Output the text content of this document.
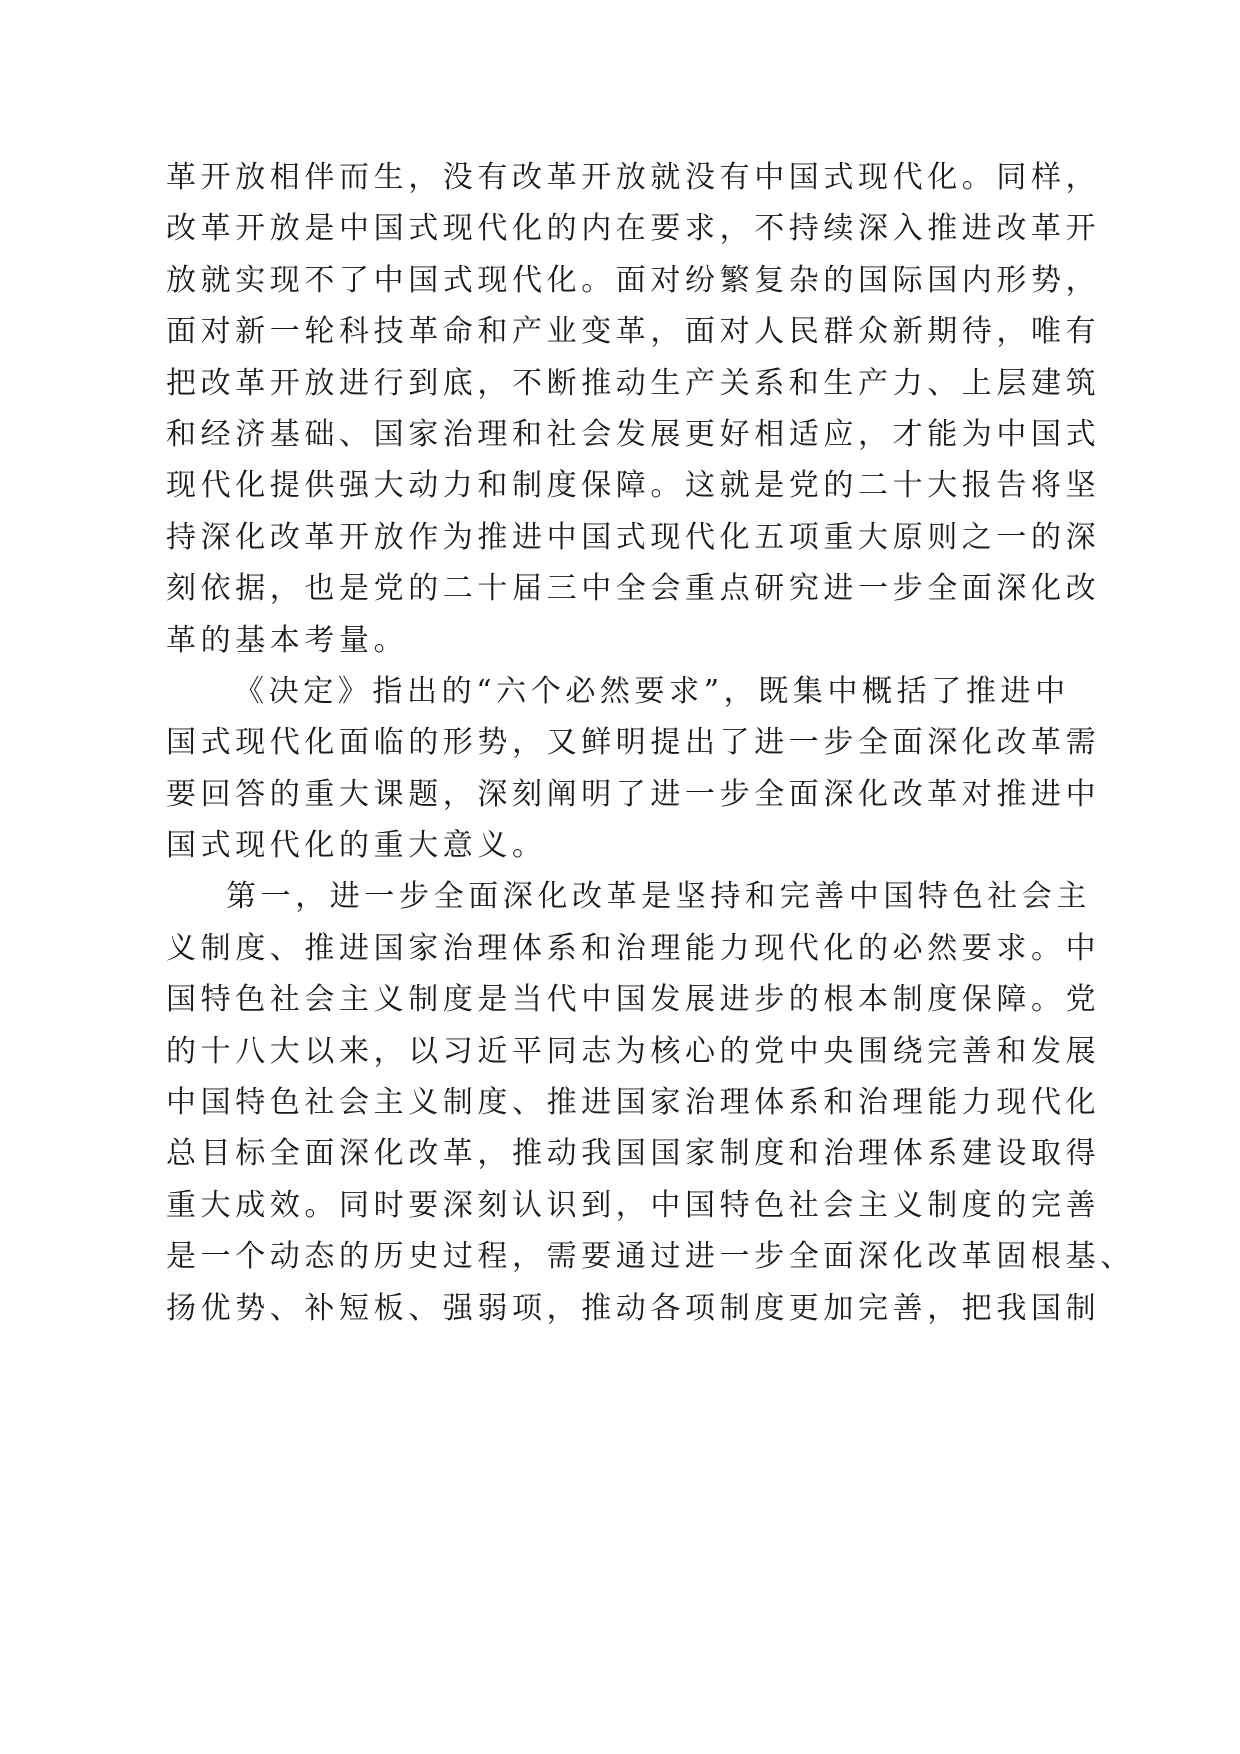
革开放相伴而生，没有改革开放就没有中国式现代化。同样，
改革开放是中国式现代化的内在要求，不持续深入推进改革开
放就实现不了中国式现代化。面对纷繁复杂的国际国内形势，
面对新一轮科技革命和产业变革，面对人民群众新期待，唯有
把改革开放进行到底，不断推动生产关系和生产力、上层建筑
和经济基础、国家治理和社会发展更好相适应，才能为中国式
现代化提供强大动力和制度保障。这就是党的二十大报告将坚
持深化改革开放作为推进中国式现代化五项重大原则之一的深
刻依据，也是党的二十届三中全会重点研究进一步全面深化改
革的基本考量。
《决定》指出的“六个必然要求”，既集中概括了推进中
国式现代化面临的形势，又鲜明提出了进一步全面深化改革需
要回答的重大课题，深刻阐明了进一步全面深化改革对推进中
国式现代化的重大意义。
第一，进一步全面深化改革是坚持和完善中国特色社会主
义制度、推进国家治理体系和治理能力现代化的必然要求。中
国特色社会主义制度是当代中国发展进步的根本制度保障。党
的十八大以来，以习近平同志为核心的党中央围绕完善和发展
中国特色社会主义制度、推进国家治理体系和治理能力现代化
总目标全面深化改革，推动我国国家制度和治理体系建设取得
重大成效。同时要深刻认识到，中国特色社会主义制度的完善
是一个动态的历史过程，需要通过进一步全面深化改革固根基、
扬优势、补短板、强弱项，推动各项制度更加完善，把我国制
